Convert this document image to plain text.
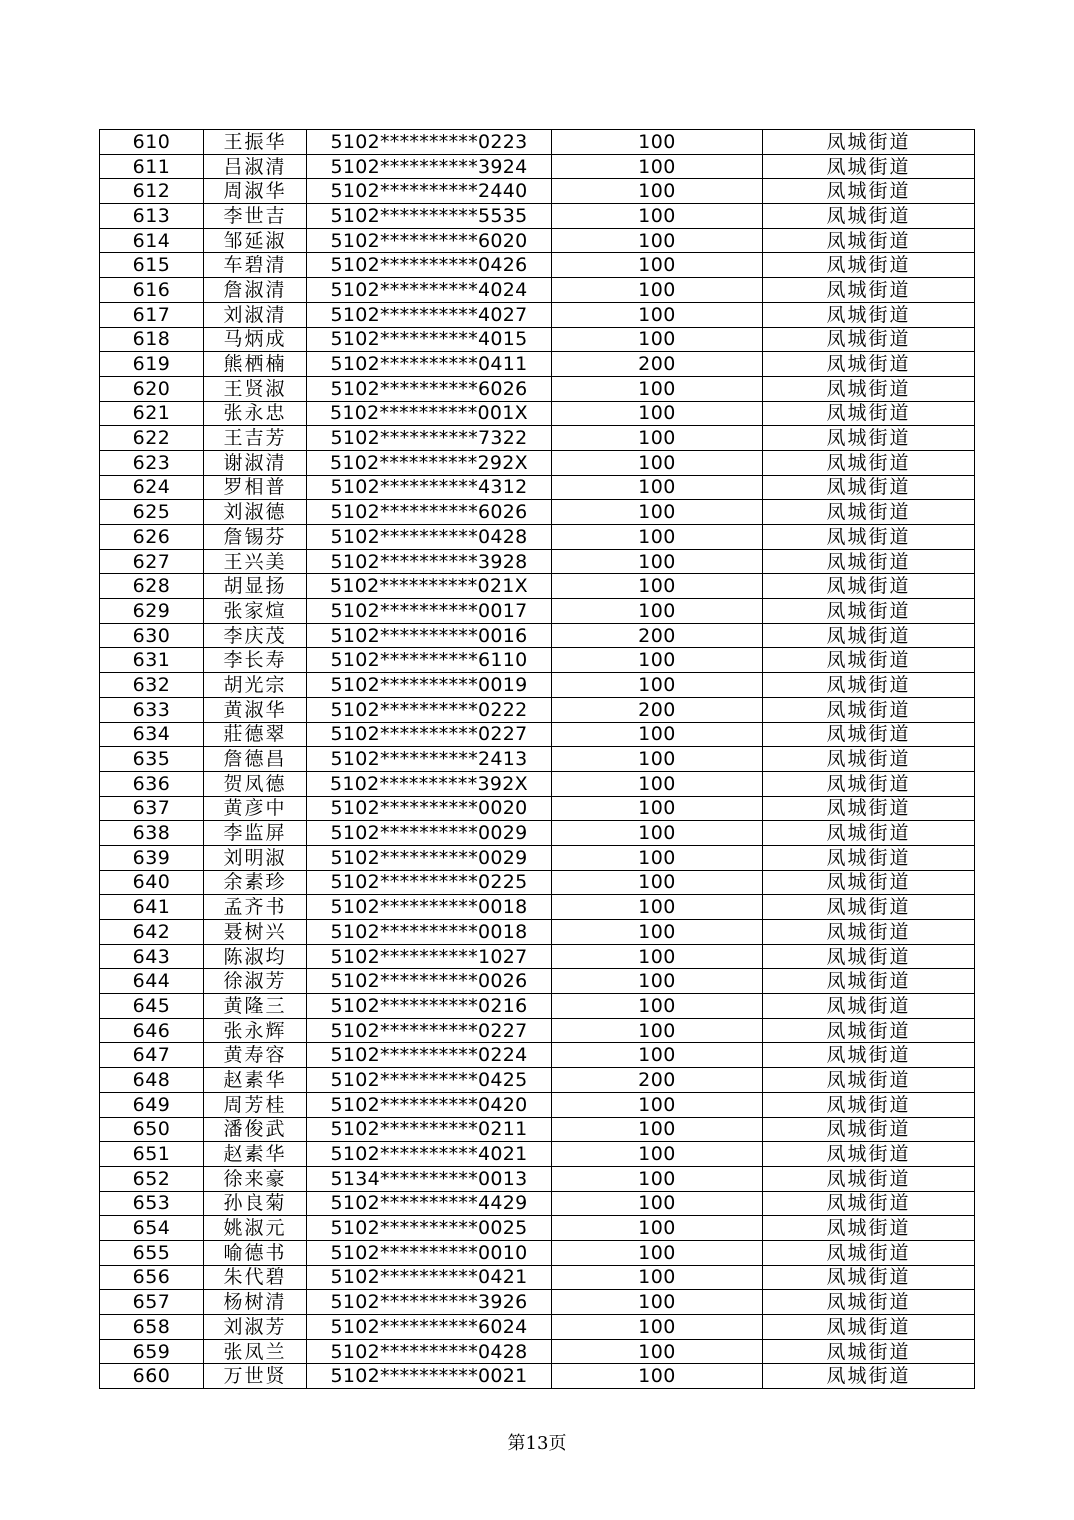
610	王振华	5102**********0223	100	凤城街道
611	吕淑清	5102**********3924	100	凤城街道
612	周淑华	5102**********2440	100	凤城街道
613	李世吉	5102**********5535	100	凤城街道
614	邹延淑	5102**********6020	100	凤城街道
615	车碧清	5102**********0426	100	凤城街道
616	詹淑清	5102**********4024	100	凤城街道
617	刘淑清	5102**********4027	100	凤城街道
618	马炳成	5102**********4015	100	凤城街道
619	熊栖楠	5102**********0411	200	凤城街道
620	王贤淑	5102**********6026	100	凤城街道
621	张永忠	5102**********001X	100	凤城街道
622	王吉芳	5102**********7322	100	凤城街道
623	谢淑清	5102**********292X	100	凤城街道
624	罗相普	5102**********4312	100	凤城街道
625	刘淑德	5102**********6026	100	凤城街道
626	詹锡芬	5102**********0428	100	凤城街道
627	王兴美	5102**********3928	100	凤城街道
628	胡显扬	5102**********021X	100	凤城街道
629	张家煊	5102**********0017	100	凤城街道
630	李庆茂	5102**********0016	200	凤城街道
631	李长寿	5102**********6110	100	凤城街道
632	胡光宗	5102**********0019	100	凤城街道
633	黄淑华	5102**********0222	200	凤城街道
634	莊德翠	5102**********0227	100	凤城街道
635	詹德昌	5102**********2413	100	凤城街道
636	贺凤德	5102**********392X	100	凤城街道
637	黄彦中	5102**********0020	100	凤城街道
638	李监屏	5102**********0029	100	凤城街道
639	刘明淑	5102**********0029	100	凤城街道
640	余素珍	5102**********0225	100	凤城街道
641	孟齐书	5102**********0018	100	凤城街道
642	聂树兴	5102**********0018	100	凤城街道
643	陈淑均	5102**********1027	100	凤城街道
644	徐淑芳	5102**********0026	100	凤城街道
645	黄隆三	5102**********0216	100	凤城街道
646	张永辉	5102**********0227	100	凤城街道
647	黄寿容	5102**********0224	100	凤城街道
648	赵素华	5102**********0425	200	凤城街道
649	周芳桂	5102**********0420	100	凤城街道
650	潘俊武	5102**********0211	100	凤城街道
651	赵素华	5102**********4021	100	凤城街道
652	徐来豪	5134**********0013	100	凤城街道
653	孙良菊	5102**********4429	100	凤城街道
654	姚淑元	5102**********0025	100	凤城街道
655	喻德书	5102**********0010	100	凤城街道
656	朱代碧	5102**********0421	100	凤城街道
657	杨树清	5102**********3926	100	凤城街道
658	刘淑芳	5102**********6024	100	凤城街道
659	张凤兰	5102**********0428	100	凤城街道
660	万世贤	5102**********0021	100	凤城街道
第13页
